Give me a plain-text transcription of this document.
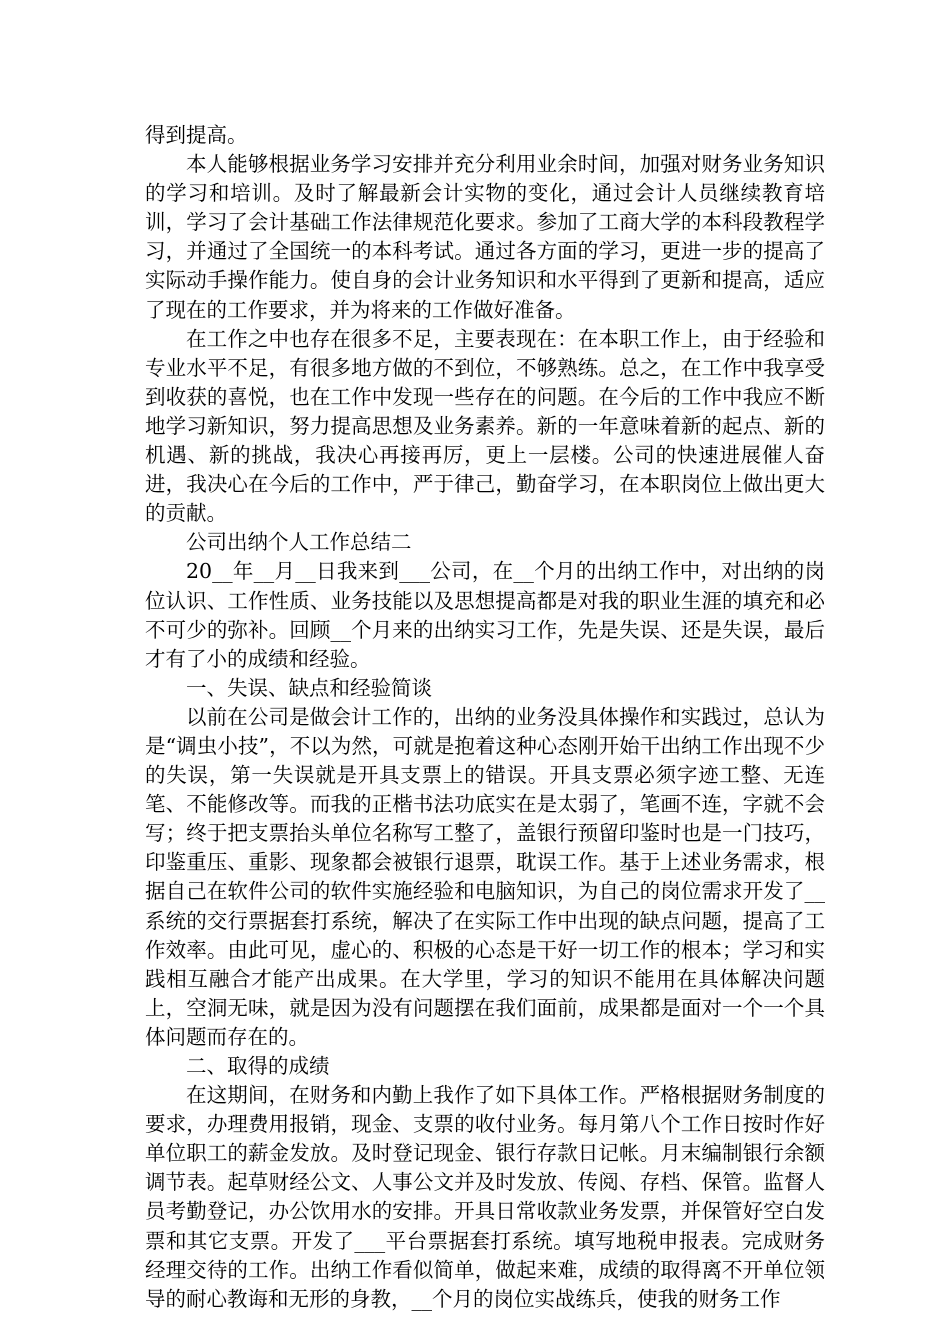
得到提高。

本人能够根据业务学习安排并充分利用业余时间，加强对财务业务知识的学习和培训。及时了解最新会计实物的变化，通过会计人员继续教育培训，学习了会计基础工作法律规范化要求。参加了工商大学的本科段教程学习，并通过了全国统一的本科考试。通过各方面的学习，更进一步的提高了实际动手操作能力。使自身的会计业务知识和水平得到了更新和提高，适应了现在的工作要求，并为将来的工作做好准备。

在工作之中也存在很多不足，主要表现在：在本职工作上，由于经验和专业水平不足，有很多地方做的不到位，不够熟练。总之，在工作中我享受到收获的喜悦，也在工作中发现一些存在的问题。在今后的工作中我应不断地学习新知识，努力提高思想及业务素养。新的一年意味着新的起点、新的机遇、新的挑战，我决心再接再厉，更上一层楼。公司的快速进展催人奋进，我决心在今后的工作中，严于律己，勤奋学习，在本职岗位上做出更大的贡献。

公司出纳个人工作总结二

20__年__月__日我来到___公司，在__个月的出纳工作中，对出纳的岗位认识、工作性质、业务技能以及思想提高都是对我的职业生涯的填充和必不可少的弥补。回顾__个月来的出纳实习工作，先是失误、还是失误，最后才有了小的成绩和经验。

一、失误、缺点和经验简谈

以前在公司是做会计工作的，出纳的业务没具体操作和实践过，总认为是“调虫小技”，不以为然，可就是抱着这种心态刚开始干出纳工作出现不少的失误，第一失误就是开具支票上的错误。开具支票必须字迹工整、无连笔、不能修改等。而我的正楷书法功底实在是太弱了，笔画不连，字就不会写；终于把支票抬头单位名称写工整了，盖银行预留印鉴时也是一门技巧，印鉴重压、重影、现象都会被银行退票，耽误工作。基于上述业务需求，根据自己在软件公司的软件实施经验和电脑知识，为自己的岗位需求开发了__系统的交行票据套打系统，解决了在实际工作中出现的缺点问题，提高了工作效率。由此可见，虚心的、积极的心态是干好一切工作的根本；学习和实践相互融合才能产出成果。在大学里，学习的知识不能用在具体解决问题上，空洞无味，就是因为没有问题摆在我们面前，成果都是面对一个一个具体问题而存在的。

二、取得的成绩

在这期间，在财务和内勤上我作了如下具体工作。严格根据财务制度的要求，办理费用报销，现金、支票的收付业务。每月第八个工作日按时作好单位职工的薪金发放。及时登记现金、银行存款日记帐。月末编制银行余额调节表。起草财经公文、人事公文并及时发放、传阅、存档、保管。监督人员考勤登记，办公饮用水的安排。开具日常收款业务发票，并保管好空白发票和其它支票。开发了___平台票据套打系统。填写地税申报表。完成财务经理交待的工作。出纳工作看似简单，做起来难，成绩的取得离不开单位领导的耐心教诲和无形的身教，__个月的岗位实战练兵，使我的财务工作
